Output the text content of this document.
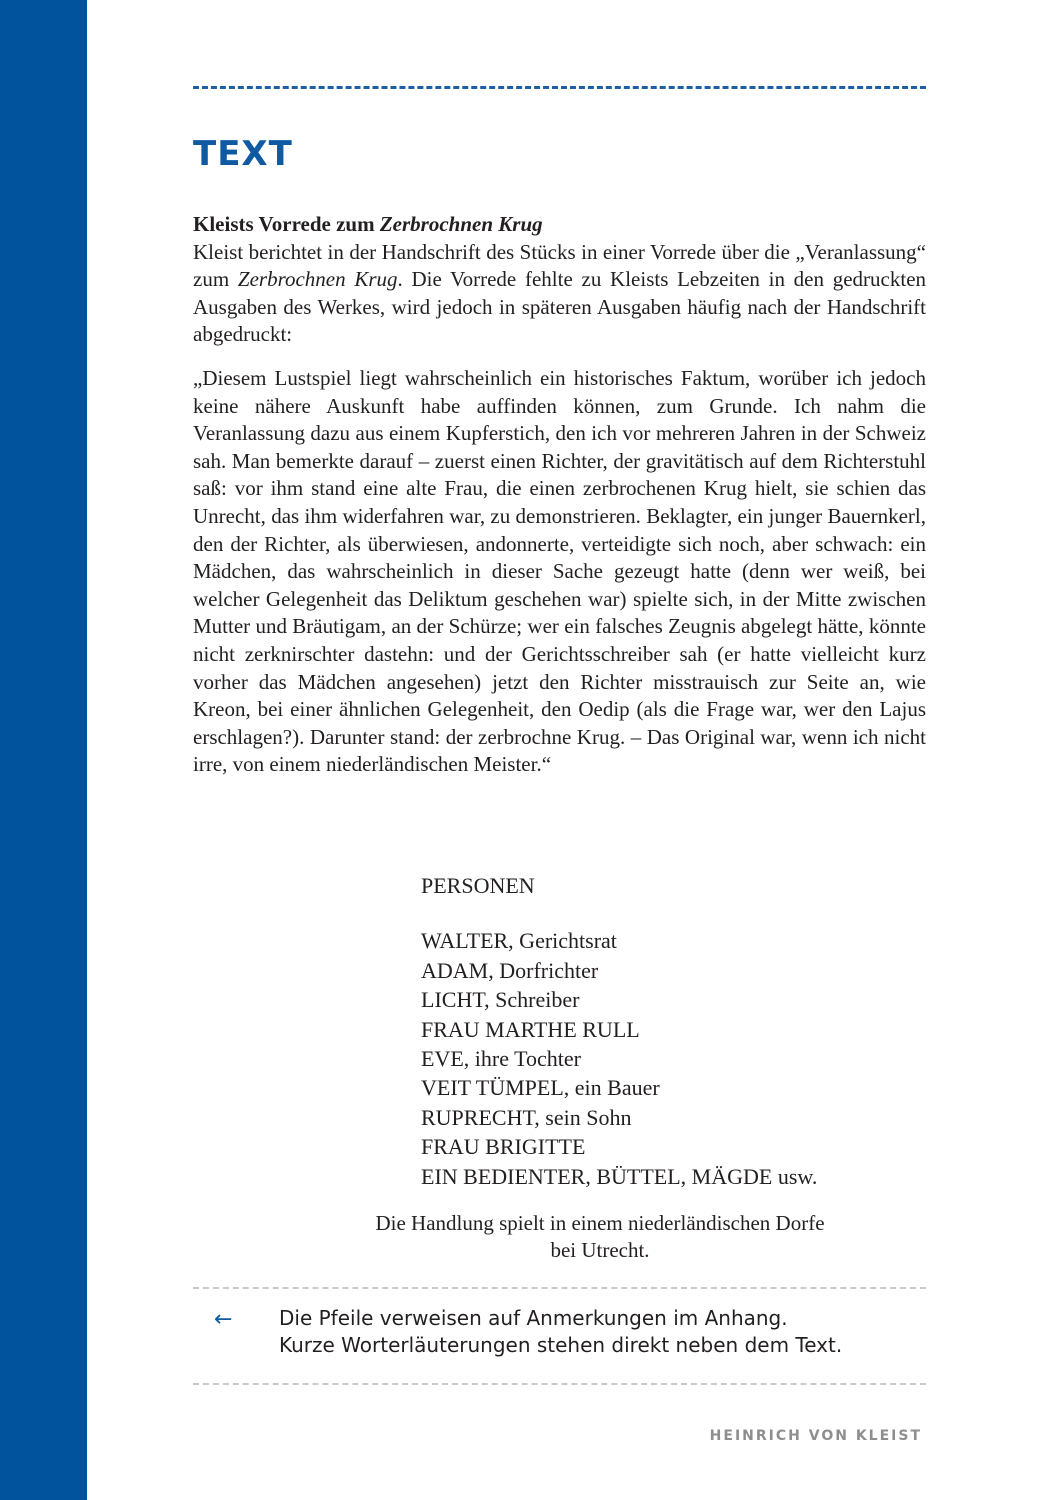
TEXT

Kleists Vorrede zum Zerbrochnen Krug

Kleist berichtet in der Handschrift des Stücks in einer Vorrede über die „Veranlassung“ zum Zerbrochnen Krug. Die Vorrede fehlte zu Kleists Lebzeiten in den gedruckten Ausgaben des Werkes, wird jedoch in späteren Ausgaben häufig nach der Handschrift abgedruckt:

„Diesem Lustspiel liegt wahrscheinlich ein historisches Faktum, worüber ich jedoch keine nähere Auskunft habe auffinden können, zum Grunde. Ich nahm die Veranlassung dazu aus einem Kupferstich, den ich vor mehreren Jahren in der Schweiz sah. Man bemerkte darauf – zuerst einen Richter, der gravitätisch auf dem Richterstuhl saß: vor ihm stand eine alte Frau, die einen zerbrochenen Krug hielt, sie schien das Unrecht, das ihm widerfahren war, zu demonstrieren. Beklagter, ein junger Bauernkerl, den der Richter, als überwiesen, andonnerte, verteidigte sich noch, aber schwach: ein Mädchen, das wahrscheinlich in dieser Sache gezeugt hatte (denn wer weiß, bei welcher Gelegenheit das Deliktum geschehen war) spielte sich, in der Mitte zwischen Mutter und Bräutigam, an der Schürze; wer ein falsches Zeugnis abgelegt hätte, könnte nicht zerknirschter dastehn: und der Gerichtsschreiber sah (er hatte vielleicht kurz vorher das Mädchen angesehen) jetzt den Richter misstrauisch zur Seite an, wie Kreon, bei einer ähnlichen Gelegenheit, den Oedip (als die Frage war, wer den Lajus erschlagen?). Darunter stand: der zerbrochne Krug. – Das Original war, wenn ich nicht irre, von einem niederländischen Meister.“

PERSONEN
WALTER, Gerichtsrat
ADAM, Dorfrichter
LICHT, Schreiber
FRAU MARTHE RULL
EVE, ihre Tochter
VEIT TÜMPEL, ein Bauer
RUPRECHT, sein Sohn
FRAU BRIGITTE
EIN BEDIENTER, BÜTTEL, MÄGDE usw.
Die Handlung spielt in einem niederländischen Dorfe
bei Utrecht.
← Die Pfeile verweisen auf Anmerkungen im Anhang.
Kurze Worterläuterungen stehen direkt neben dem Text.
HEINRICH VON KLEIST
